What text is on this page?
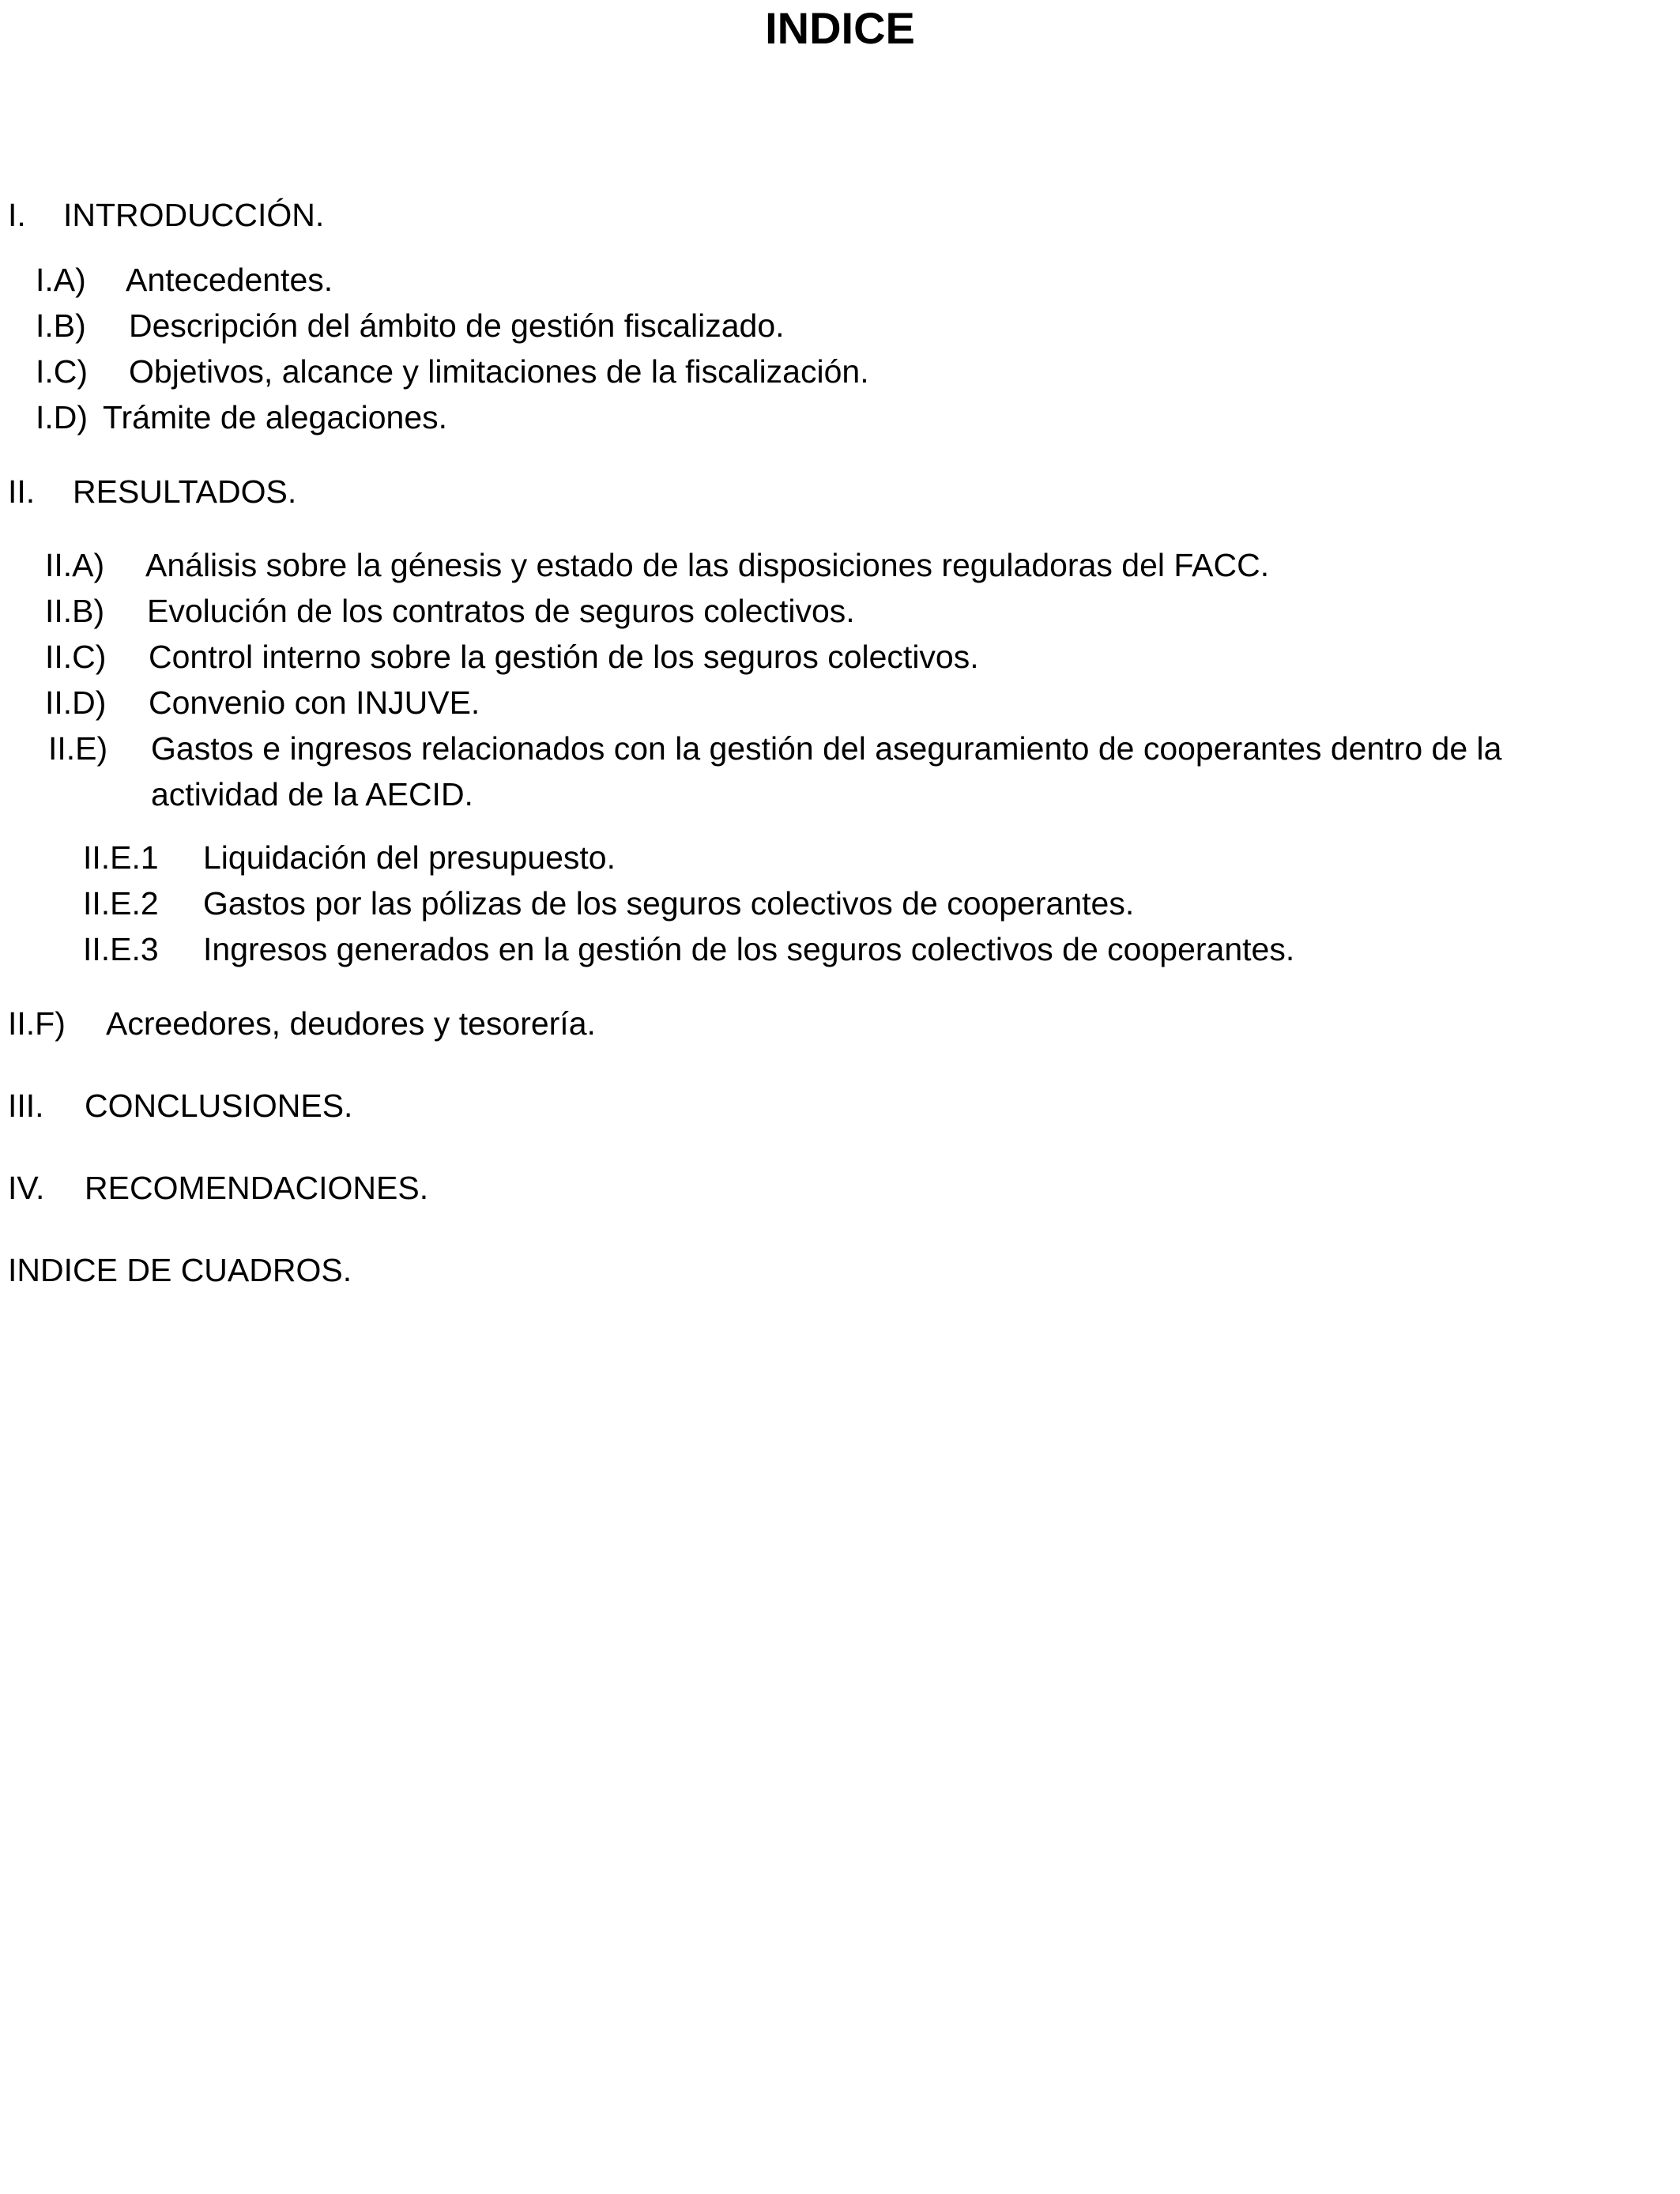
INDICE
I. INTRODUCCIÓN.
I.A) Antecedentes.
I.B) Descripción del ámbito de gestión fiscalizado.
I.C) Objetivos, alcance y limitaciones de la fiscalización.
I.D) Trámite de alegaciones.
II. RESULTADOS.
II.A) Análisis sobre la génesis y estado de las disposiciones reguladoras del FACC.
II.B) Evolución de los contratos de seguros colectivos.
II.C) Control interno sobre la gestión de los seguros colectivos.
II.D) Convenio con INJUVE.
II.E) Gastos e ingresos relacionados con la gestión del aseguramiento de cooperantes dentro de la
actividad de la AECID.
II.E.1 Liquidación del presupuesto.
II.E.2 Gastos por las pólizas de los seguros colectivos de cooperantes.
II.E.3 Ingresos generados en la gestión de los seguros colectivos de cooperantes.
II.F) Acreedores, deudores y tesorería.
III. CONCLUSIONES.
IV. RECOMENDACIONES.
INDICE DE CUADROS.
